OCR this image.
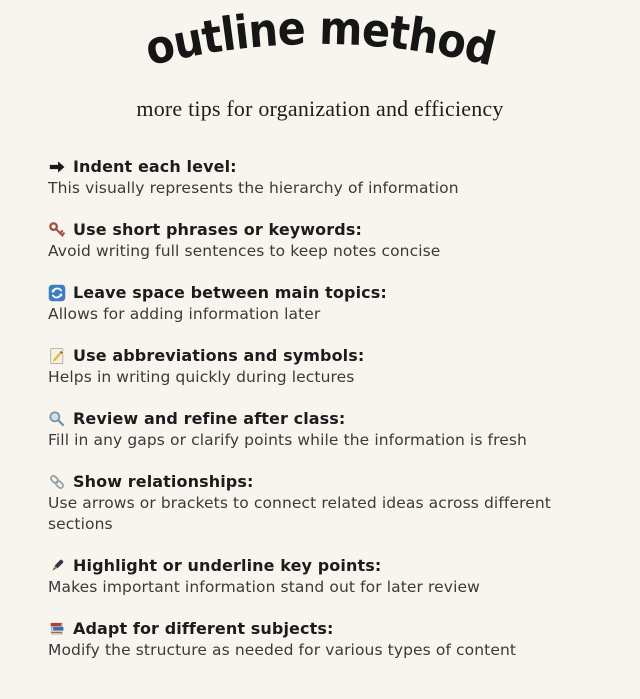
outline method
more tips for organization and efficiency
Indent each level:
This visually represents the hierarchy of information
Use short phrases or keywords:
Avoid writing full sentences to keep notes concise
Leave space between main topics:
Allows for adding information later
Use abbreviations and symbols:
Helps in writing quickly during lectures
Review and refine after class:
Fill in any gaps or clarify points while the information is fresh
Show relationships:
Use arrows or brackets to connect related ideas across different sections
Highlight or underline key points:
Makes important information stand out for later review
Adapt for different subjects:
Modify the structure as needed for various types of content
